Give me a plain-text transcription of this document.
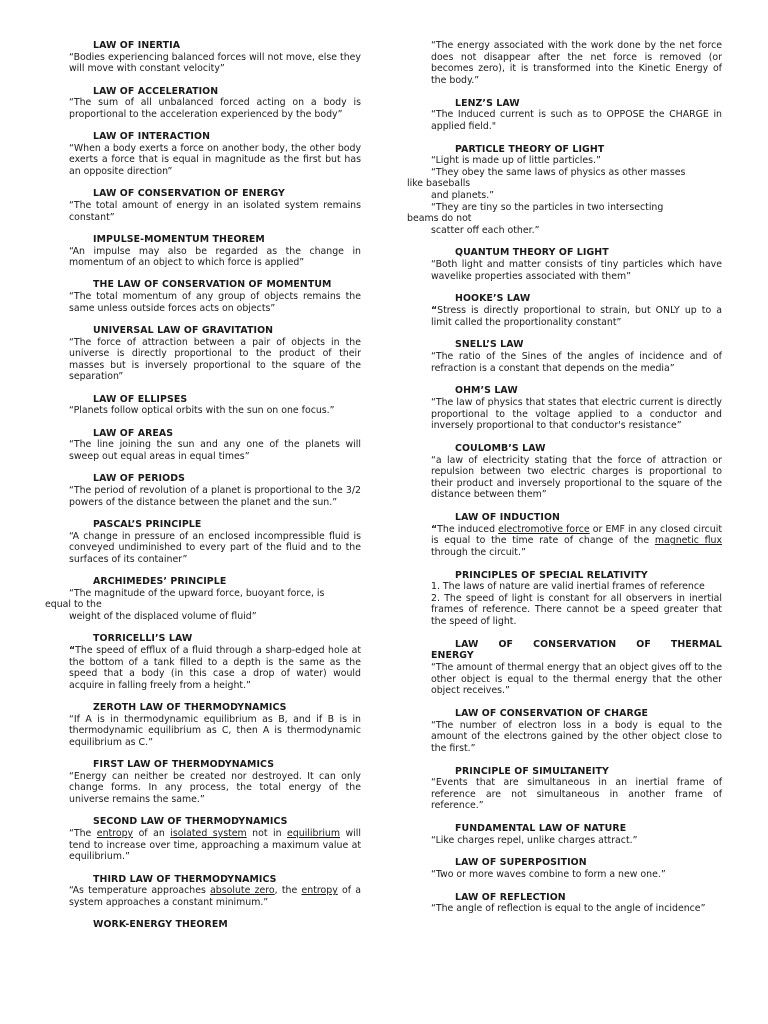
LAW OF INERTIA
“Bodies experiencing balanced forces will not move, else they will move with constant velocity”
LAW OF ACCELERATION
“The sum of all unbalanced forced acting on a body is proportional to the acceleration experienced by the body”
LAW OF INTERACTION
“When a body exerts a force on another body, the other body exerts a force that is equal in magnitude as the first but has an opposite direction”
LAW OF CONSERVATION OF ENERGY
“The total amount of energy in an isolated system remains constant”
IMPULSE-MOMENTUM THEOREM
“An impulse may also be regarded as the change in momentum of an object to which force is applied”
THE LAW OF CONSERVATION OF MOMENTUM
“The total momentum of any group of objects remains the same unless outside forces acts on objects”
UNIVERSAL LAW OF GRAVITATION
“The force of attraction between a pair of objects in the universe is directly proportional to the product of their masses but is inversely proportional to the square of the separation”
LAW OF ELLIPSES
“Planets follow optical orbits with the sun on one focus.”
LAW OF AREAS
“The line joining the sun and any one of the planets will sweep out equal areas in equal times”
LAW OF PERIODS
“The period of revolution of a planet is proportional to the 3/2 powers of the distance between the planet and the sun.”
PASCAL’S PRINCIPLE
“A change in pressure of an enclosed incompressible fluid is conveyed undiminished to every part of the fluid and to the surfaces of its container”
ARCHIMEDES’ PRINCIPLE
“The magnitude of the upward force, buoyant force, is
equal to the
weight of the displaced volume of fluid”
TORRICELLI’S LAW
“The speed of efflux of a fluid through a sharp-edged hole at the bottom of a tank filled to a depth is the same as the speed that a body (in this case a drop of water) would acquire in falling freely from a height.”
ZEROTH LAW OF THERMODYNAMICS
“If A is in thermodynamic equilibrium as B, and if B is in thermodynamic equilibrium as C, then A is thermodynamic equilibrium as C.”
FIRST LAW OF THERMODYNAMICS
“Energy can neither be created nor destroyed. It can only change forms. In any process, the total energy of the universe remains the same.”
SECOND LAW OF THERMODYNAMICS
“The entropy of an isolated system not in equilibrium will tend to increase over time, approaching a maximum value at equilibrium.”
THIRD LAW OF THERMODYNAMICS
“As temperature approaches absolute zero, the entropy of a system approaches a constant minimum.”
WORK-ENERGY THEOREM
“The energy associated with the work done by the net force does not disappear after the net force is removed (or becomes zero), it is transformed into the Kinetic Energy of the body.”
LENZ’S LAW
“The Induced current is such as to OPPOSE the CHARGE in applied field."
PARTICLE THEORY OF LIGHT
“Light is made up of little particles.”
“They obey the same laws of physics as other masses
like baseballs
and planets.”
“They are tiny so the particles in two intersecting
beams do not
scatter off each other.”
QUANTUM THEORY OF LIGHT
“Both light and matter consists of tiny particles which have wavelike properties associated with them”
HOOKE’S LAW
“Stress is directly proportional to strain, but ONLY up to a limit called the proportionality constant”
SNELL’S LAW
“The ratio of the Sines of the angles of incidence and of refraction is a constant that depends on the media”
OHM’S LAW
“The law of physics that states that electric current is directly proportional to the voltage applied to a conductor and inversely proportional to that conductor's resistance”
COULOMB’S LAW
“a law of electricity stating that the force of attraction or repulsion between two electric charges is proportional to their product and inversely proportional to the square of the distance between them”
LAW OF INDUCTION
“The induced electromotive force or EMF in any closed circuit is equal to the time rate of change of the magnetic flux through the circuit.”
PRINCIPLES OF SPECIAL RELATIVITY
1. The laws of nature are valid inertial frames of reference
2. The speed of light is constant for all observers in inertial frames of reference. There cannot be a speed greater that the speed of light.
LAW OF CONSERVATION OF THERMAL
ENERGY
“The amount of thermal energy that an object gives off to the other object is equal to the thermal energy that the other object receives.”
LAW OF CONSERVATION OF CHARGE
“The number of electron loss in a body is equal to the amount of the electrons gained by the other object close to the first.”
PRINCIPLE OF SIMULTANEITY
“Events that are simultaneous in an inertial frame of reference are not simultaneous in another frame of reference.”
FUNDAMENTAL LAW OF NATURE
“Like charges repel, unlike charges attract.”
LAW OF SUPERPOSITION
“Two or more waves combine to form a new one.”
LAW OF REFLECTION
“The angle of reflection is equal to the angle of incidence”
